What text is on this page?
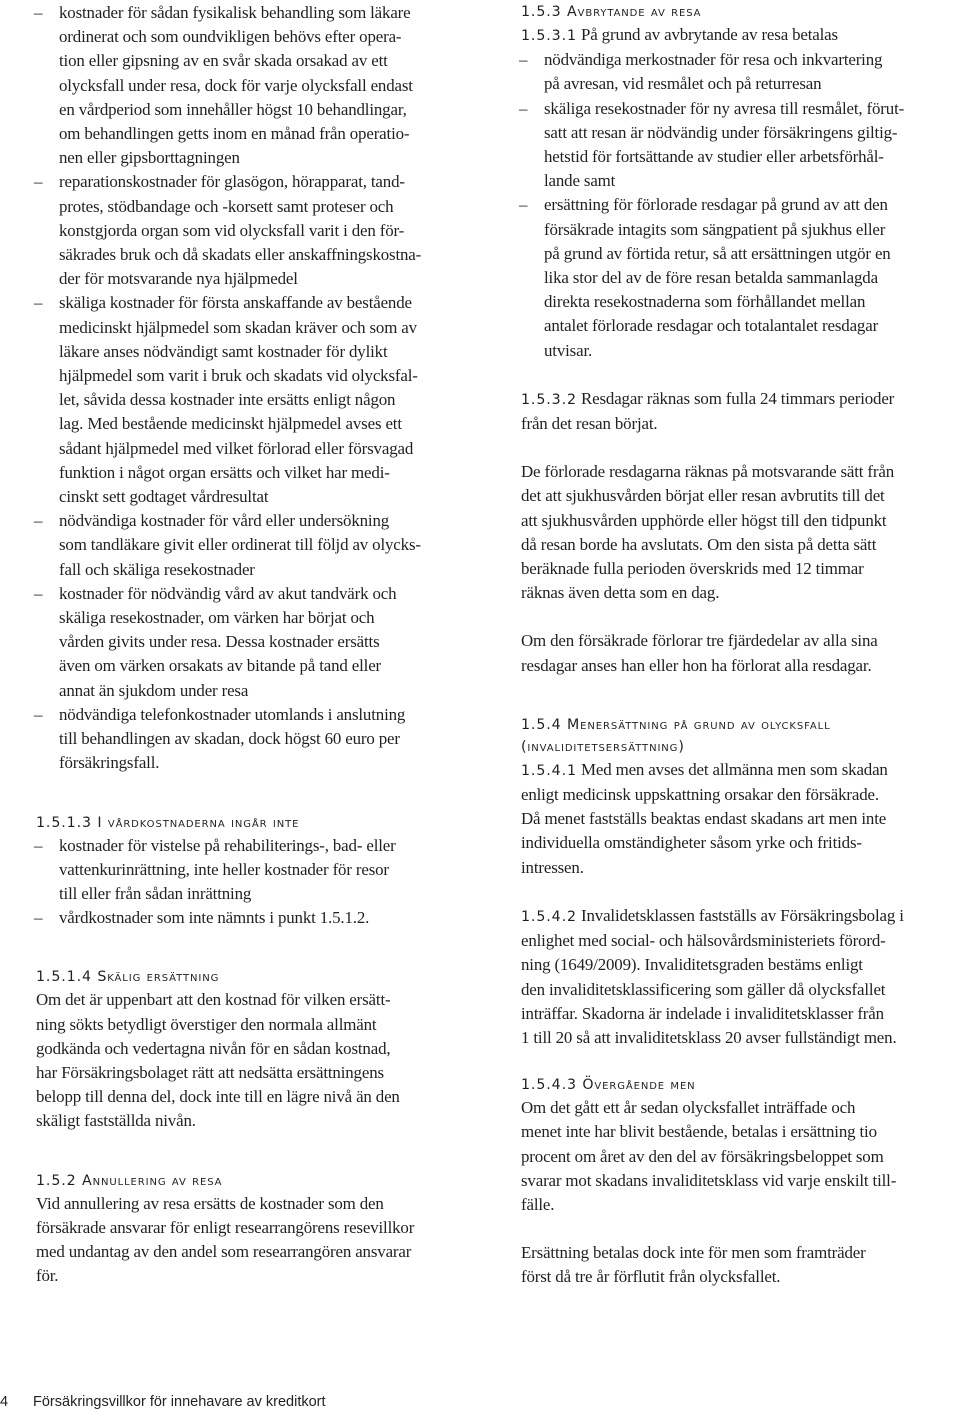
– kostnader för sådan fysikalisk behandling som läkare
ordinerat och som oundvikligen behövs efter opera-
tion eller gipsning av en svår skada orsakad av ett
olycksfall under resa, dock för varje olycksfall endast
en vårdperiod som innehåller högst 10 behandlingar,
om behandlingen getts inom en månad från operatio-
nen eller gipsborttagningen
– reparationskostnader för glasögon, hörapparat, tand-
protes, stödbandage och -korsett samt proteser och
konstgjorda organ som vid olycksfall varit i den för-
säkrades bruk och då skadats eller anskaffningskostna-
der för motsvarande nya hjälpmedel
– skäliga kostnader för första anskaffande av bestående
medicinskt hjälpmedel som skadan kräver och som av
läkare anses nödvändigt samt kostnader för dylikt
hjälpmedel som varit i bruk och skadats vid olycksfal-
let, såvida dessa kostnader inte ersätts enligt någon
lag. Med bestående medicinskt hjälpmedel avses ett
sådant hjälpmedel med vilket förlorad eller försvagad
funktion i något organ ersätts och vilket har medi-
cinskt sett godtaget vårdresultat
– nödvändiga kostnader för vård eller undersökning
som tandläkare givit eller ordinerat till följd av olycks-
fall och skäliga resekostnader
– kostnader för nödvändig vård av akut tandvärk och
skäliga resekostnader, om värken har börjat och
vården givits under resa. Dessa kostnader ersätts
även om värken orsakats av bitande på tand eller
annat än sjukdom under resa
– nödvändiga telefonkostnader utomlands i anslutning
till behandlingen av skadan, dock högst 60 euro per
försäkringsfall.
1.5.1.3 I vårdkostnaderna ingår inte
– kostnader för vistelse på rehabiliterings-, bad- eller
vattenkurinrättning, inte heller kostnader för resor
till eller från sådan inrättning
– vårdkostnader som inte nämnts i punkt 1.5.1.2.
1.5.1.4 Skälig ersättning

Om det är uppenbart att den kostnad för vilken ersätt-
ning sökts betydligt överstiger den normala allmänt
godkända och vedertagna nivån för en sådan kostnad,
har Försäkringsbolaget rätt att nedsätta ersättningens
belopp till denna del, dock inte till en lägre nivå än den
skäligt fastställda nivån.

1.5.2 Annullering av resa

Vid annullering av resa ersätts de kostnader som den
försäkrade ansvarar för enligt researrangörens resevillkor
med undantag av den andel som researrangören ansvarar
för.

1.5.3 Avbrytande av resa

1.5.3.1 På grund av avbrytande av resa betalas

– nödvändiga merkostnader för resa och inkvartering
på avresan, vid resmålet och på returresan
– skäliga resekostnader för ny avresa till resmålet, förut-
satt att resan är nödvändig under försäkringens giltig-
hetstid för fortsättande av studier eller arbetsförhål-
lande samt
– ersättning för förlorade resdagar på grund av att den
försäkrade intagits som sängpatient på sjukhus eller
på grund av förtida retur, så att ersättningen utgör en
lika stor del av de före resan betalda sammanlagda
direkta resekostnaderna som förhållandet mellan
antalet förlorade resdagar och totalantalet resdagar
utvisar.

1.5.3.2 Resdagar räknas som fulla 24 timmars perioder
från det resan börjat.

De förlorade resdagarna räknas på motsvarande sätt från
det att sjukhusvården börjat eller resan avbrutits till det
att sjukhusvården upphörde eller högst till den tidpunkt
då resan borde ha avslutats. Om den sista på detta sätt
beräknade fulla perioden överskrids med 12 timmar
räknas även detta som en dag.

Om den försäkrade förlorar tre fjärdedelar av alla sina
resdagar anses han eller hon ha förlorat alla resdagar.

1.5.4 Menersättning på grund av olycksfall
(invaliditetsersättning)

1.5.4.1 Med men avses det allmänna men som skadan
enligt medicinsk uppskattning orsakar den försäkrade.
Då menet fastställs beaktas endast skadans art men inte
individuella omständigheter såsom yrke och fritids-
intressen.

1.5.4.2 Invalidetsklassen fastställs av Försäkringsbolag i
enlighet med social- och hälsovårdsministeriets förord-
ning (1649/2009). Invaliditetsgraden bestäms enligt
den invaliditetsklassificering som gäller då olycksfallet
inträffar. Skadorna är indelade i invaliditetsklasser från
1 till 20 så att invaliditetsklass 20 avser fullständigt men.

1.5.4.3 Övergående men

Om det gått ett år sedan olycksfallet inträffade och
menet inte har blivit bestående, betalas i ersättning tio
procent om året av den del av försäkringsbeloppet som
svarar mot skadans invaliditetsklass vid varje enskilt till-
fälle.

Ersättning betalas dock inte för men som framträder
först då tre år förflutit från olycksfallet.

4 Försäkringsvillkor för innehavare av kreditkort
